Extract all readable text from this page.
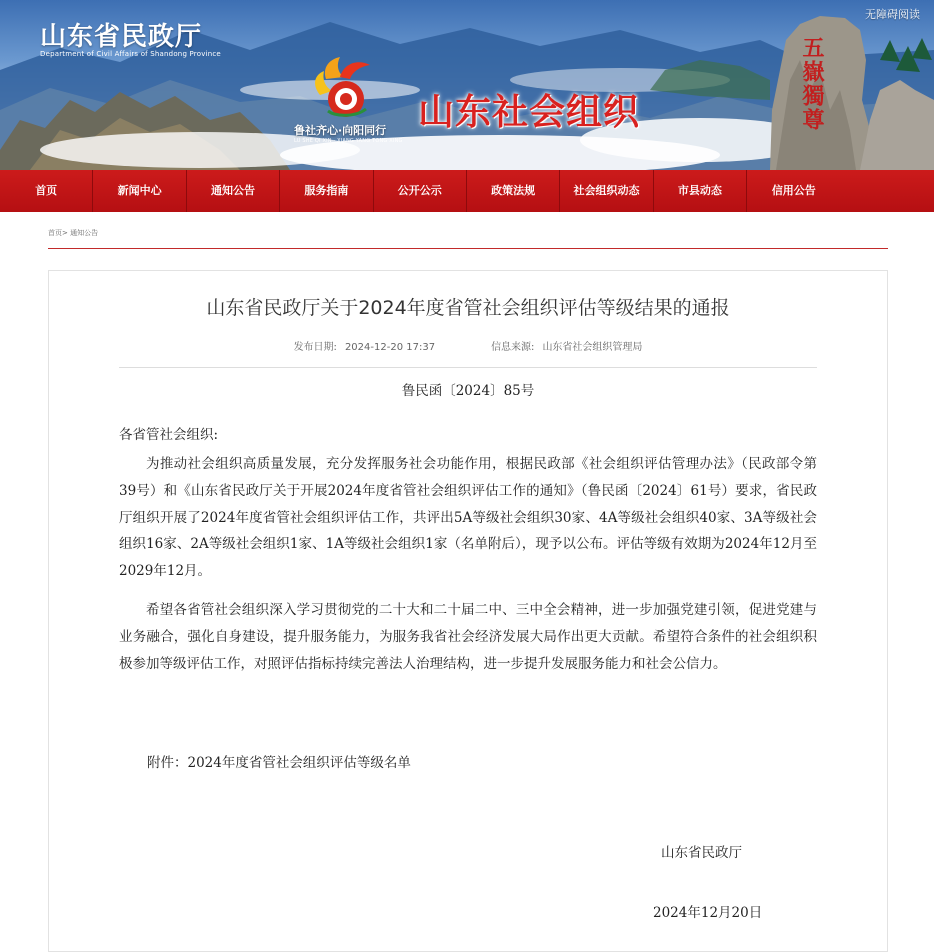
山东省民政厅
Department of Civil Affairs of Shandong Province
无障碍阅读
鲁社齐心·向阳同行
LU SHE QI XIN · XIANG YANG TONG XING
山东社会组织	五嶽獨尊
首页	新闻中心	通知公告	服务指南	公开公示	政策法规	社会组织动态	市县动态	信用公告
首页> 通知公告
山东省民政厅关于2024年度省管社会组织评估等级结果的通报
发布日期: 2024-12-20 17:37	信息来源: 山东省社会组织管理局
鲁民函〔2024〕85号
各省管社会组织:

为推动社会组织高质量发展，充分发挥服务社会功能作用，根据民政部《社会组织评估管理办法》（民政部令第39号）和《山东省民政厅关于开展2024年度省管社会组织评估工作的通知》（鲁民函〔2024〕61号）要求，省民政厅组织开展了2024年度省管社会组织评估工作，共评出5A等级社会组织30家、4A等级社会组织40家、3A等级社会组织16家、2A等级社会组织1家、1A等级社会组织1家（名单附后），现予以公布。评估等级有效期为2024年12月至2029年12月。

希望各省管社会组织深入学习贯彻党的二十大和二十届二中、三中全会精神，进一步加强党建引领，促进党建与业务融合，强化自身建设，提升服务能力，为服务我省社会经济发展大局作出更大贡献。希望符合条件的社会组织积极参加等级评估工作，对照评估指标持续完善法人治理结构，进一步提升发展服务能力和社会公信力。

附件：2024年度省管社会组织评估等级名单
山东省民政厅
2024年12月20日
